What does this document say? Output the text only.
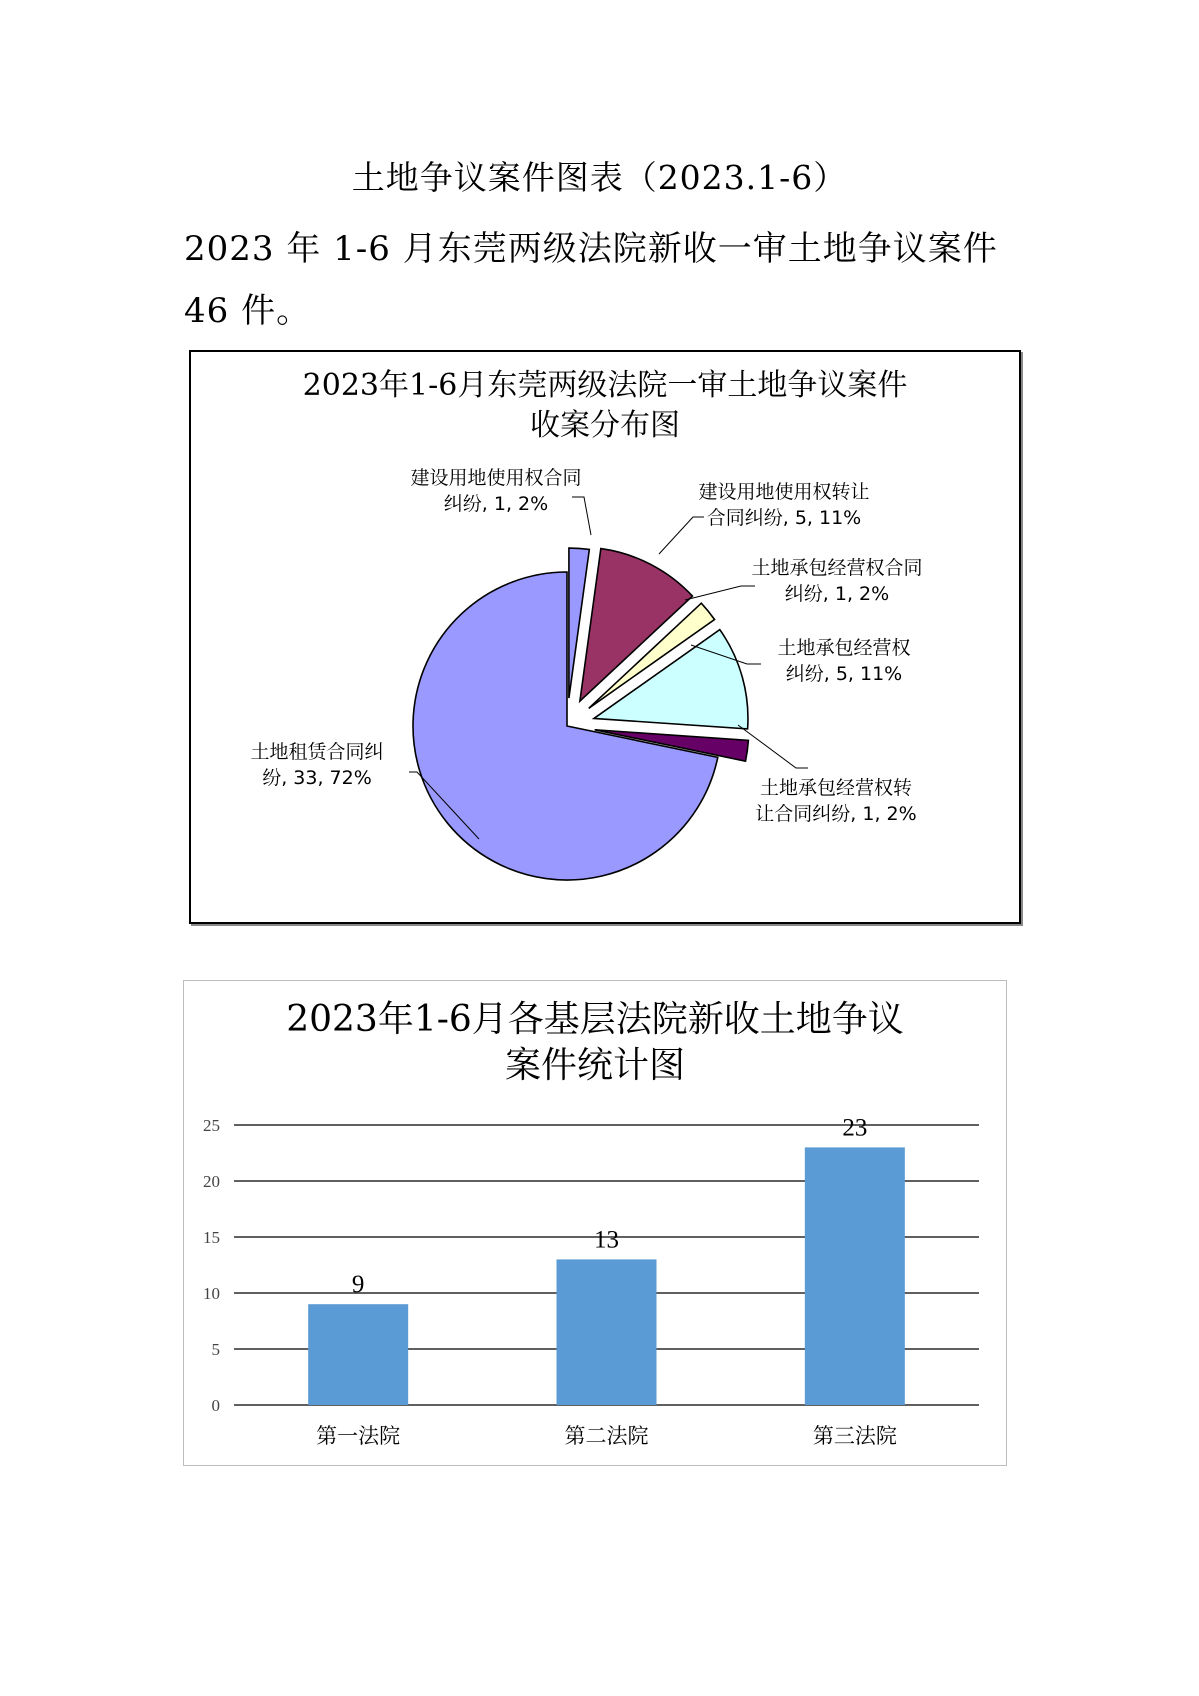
土地争议案件图表（2023.1-6）
2023 年 1-6 月东莞两级法院新收一审土地争议案件 46 件。
2023年1-6月东莞两级法院一审土地争议案件
收案分布图
建设用地使用权合同
纠纷, 1, 2%
建设用地使用权转让
合同纠纷, 5, 11%
土地承包经营权合同
纠纷, 1, 2%
土地承包经营权
纠纷, 5, 11%
土地承包经营权转
让合同纠纷, 1, 2%
土地租赁合同纠
纷, 33, 72%
2023年1-6月各基层法院新收土地争议
案件统计图
0
5
10
15
20
25
9
第一法院
13
第二法院
23
第三法院
